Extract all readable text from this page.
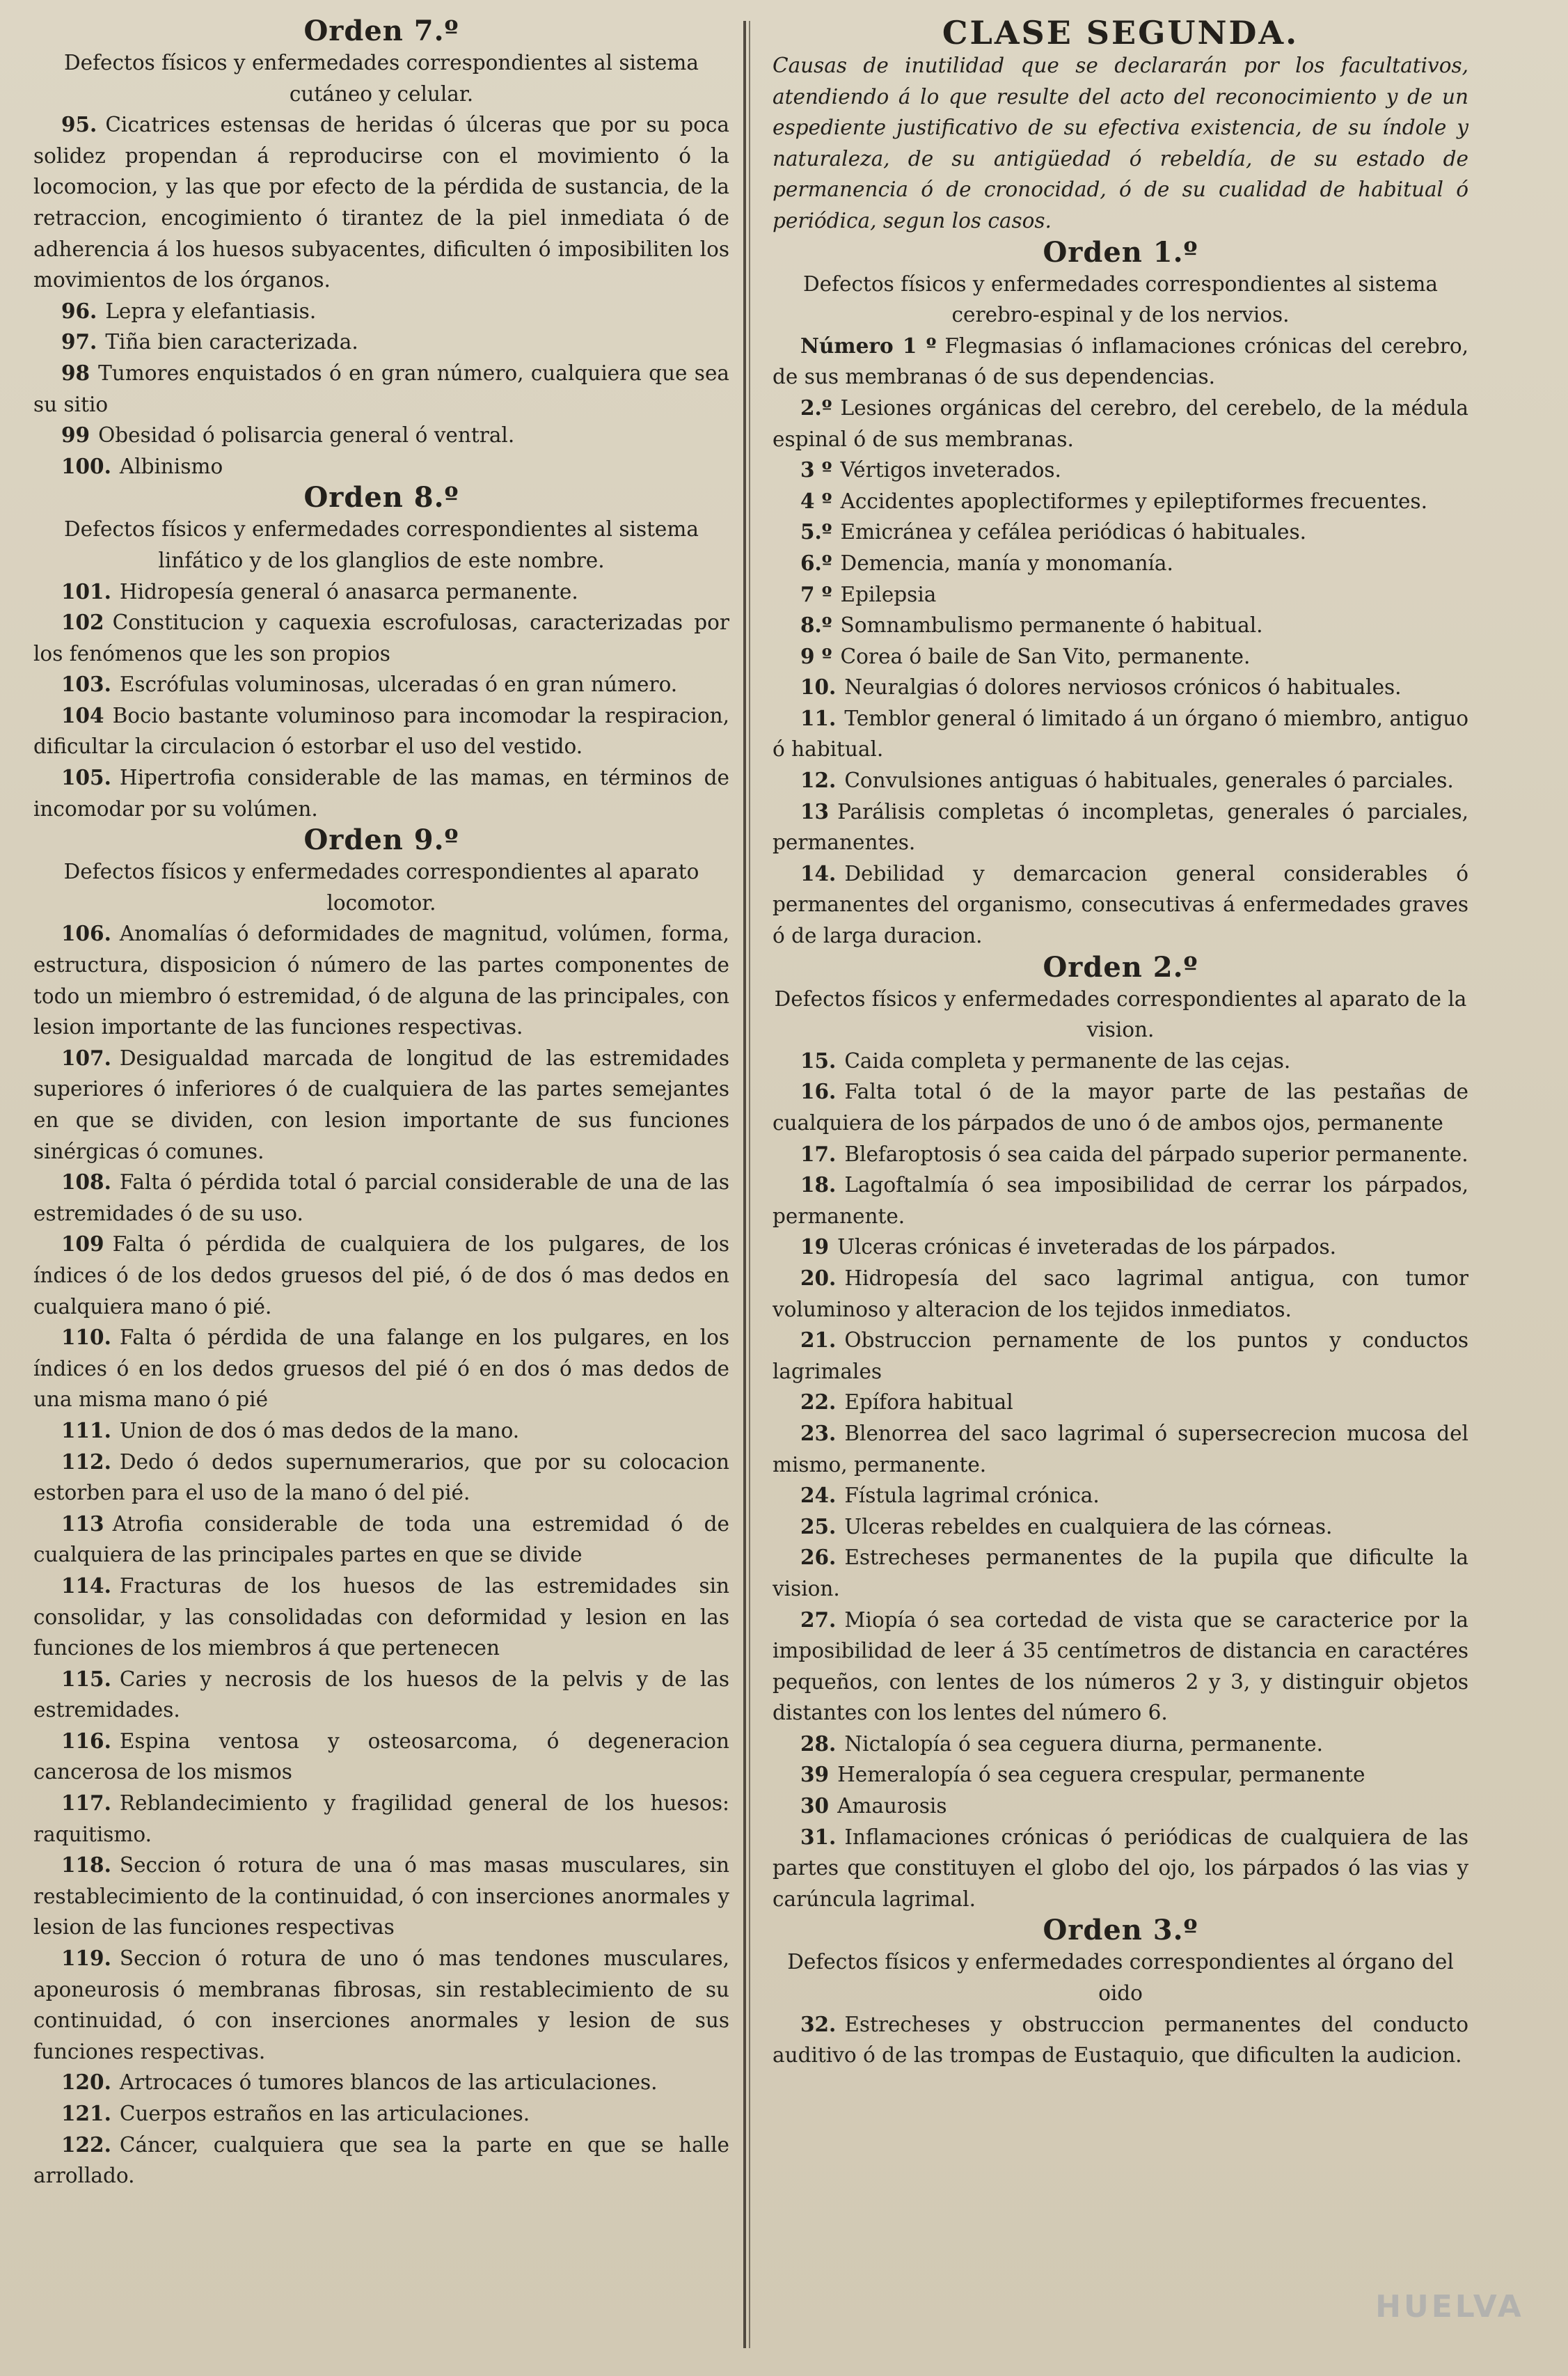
Orden 7.º
Defectos físicos y enfermedades correspondientes al sistema cutáneo y celular.
95. Cicatrices estensas de heridas ó úlceras que por su poca solidez propendan á reproducirse con el movimiento ó la locomocion, y las que por efecto de la pérdida de sustancia, de la retraccion, encogimiento ó tirantez de la piel inmediata ó de adherencia á los huesos subyacentes, dificulten ó imposibiliten los movimientos de los órganos.
96. Lepra y elefantiasis.
97. Tiña bien caracterizada.
98 Tumores enquistados ó en gran número, cualquiera que sea su sitio
99 Obesidad ó polisarcia general ó ventral.
100. Albinismo
Orden 8.º
Defectos físicos y enfermedades correspondientes al sistema linfático y de los glanglios de este nombre.
101. Hidropesía general ó anasarca permanente.
102 Constitucion y caquexia escrofulosas, caracterizadas por los fenómenos que les son propios
103. Escrófulas voluminosas, ulceradas ó en gran número.
104 Bocio bastante voluminoso para incomodar la respiracion, dificultar la circulacion ó estorbar el uso del vestido.
105. Hipertrofia considerable de las mamas, en términos de incomodar por su volúmen.
Orden 9.º
Defectos físicos y enfermedades correspondientes al aparato locomotor.
106. Anomalías ó deformidades de magnitud, volúmen, forma, estructura, disposicion ó número de las partes componentes de todo un miembro ó estremidad, ó de alguna de las principales, con lesion importante de las funciones respectivas.
107. Desigualdad marcada de longitud de las estremidades superiores ó inferiores ó de cualquiera de las partes semejantes en que se dividen, con lesion importante de sus funciones sinérgicas ó comunes.
108. Falta ó pérdida total ó parcial considerable de una de las estremidades ó de su uso.
109 Falta ó pérdida de cualquiera de los pulgares, de los índices ó de los dedos gruesos del pié, ó de dos ó mas dedos en cualquiera mano ó pié.
110. Falta ó pérdida de una falange en los pulgares, en los índices ó en los dedos gruesos del pié ó en dos ó mas dedos de una misma mano ó pié
111. Union de dos ó mas dedos de la mano.
112. Dedo ó dedos supernumerarios, que por su colocacion estorben para el uso de la mano ó del pié.
113 Atrofia considerable de toda una estremidad ó de cualquiera de las principales partes en que se divide
114. Fracturas de los huesos de las estremidades sin consolidar, y las consolidadas con deformidad y lesion en las funciones de los miembros á que pertenecen
115. Caries y necrosis de los huesos de la pelvis y de las estremidades.
116. Espina ventosa y osteosarcoma, ó degeneracion cancerosa de los mismos
117. Reblandecimiento y fragilidad general de los huesos: raquitismo.
118. Seccion ó rotura de una ó mas masas musculares, sin restablecimiento de la continuidad, ó con inserciones anormales y lesion de las funciones respectivas
119. Seccion ó rotura de uno ó mas tendones musculares, aponeurosis ó membranas fibrosas, sin restablecimiento de su continuidad, ó con inserciones anormales y lesion de sus funciones respectivas.
120. Artrocaces ó tumores blancos de las articulaciones.
121. Cuerpos estraños en las articulaciones.
122. Cáncer, cualquiera que sea la parte en que se halle arrollado.
CLASE SEGUNDA.
Causas de inutilidad que se declararán por los facultativos, atendiendo á lo que resulte del acto del reconocimiento y de un espediente justificativo de su efectiva existencia, de su índole y naturaleza, de su antigüedad ó rebeldía, de su estado de permanencia ó de cronocidad, ó de su cualidad de habitual ó periódica, segun los casos.
Orden 1.º
Defectos físicos y enfermedades correspondientes al sistema cerebro-espinal y de los nervios.
Número 1 º Flegmasias ó inflamaciones crónicas del cerebro, de sus membranas ó de sus dependencias.
2.º Lesiones orgánicas del cerebro, del cerebelo, de la médula espinal ó de sus membranas.
3 º Vértigos inveterados.
4 º Accidentes apoplectiformes y epileptiformes frecuentes.
5.º Emicránea y cefálea periódicas ó habituales.
6.º Demencia, manía y monomanía.
7 º Epilepsia
8.º Somnambulismo permanente ó habitual.
9 º Corea ó baile de San Vito, permanente.
10. Neuralgias ó dolores nerviosos crónicos ó habituales.
11. Temblor general ó limitado á un órgano ó miembro, antiguo ó habitual.
12. Convulsiones antiguas ó habituales, generales ó parciales.
13 Parálisis completas ó incompletas, generales ó parciales, permanentes.
14. Debilidad y demarcacion general considerables ó permanentes del organismo, consecutivas á enfermedades graves ó de larga duracion.
Orden 2.º
Defectos físicos y enfermedades correspondientes al aparato de la vision.
15. Caida completa y permanente de las cejas.
16. Falta total ó de la mayor parte de las pestañas de cualquiera de los párpados de uno ó de ambos ojos, permanente
17. Blefaroptosis ó sea caida del párpado superior permanente.
18. Lagoftalmía ó sea imposibilidad de cerrar los párpados, permanente.
19 Ulceras crónicas é inveteradas de los párpados.
20. Hidropesía del saco lagrimal antigua, con tumor voluminoso y alteracion de los tejidos inmediatos.
21. Obstruccion pernamente de los puntos y conductos lagrimales
22. Epífora habitual
23. Blenorrea del saco lagrimal ó supersecrecion mucosa del mismo, permanente.
24. Fístula lagrimal crónica.
25. Ulceras rebeldes en cualquiera de las córneas.
26. Estrecheses permanentes de la pupila que dificulte la vision.
27. Miopía ó sea cortedad de vista que se caracterice por la imposibilidad de leer á 35 centímetros de distancia en caractéres pequeños, con lentes de los números 2 y 3, y distinguir objetos distantes con los lentes del número 6.
28. Nictalopía ó sea ceguera diurna, permanente.
39 Hemeralopía ó sea ceguera crespular, permanente
30 Amaurosis
31. Inflamaciones crónicas ó periódicas de cualquiera de las partes que constituyen el globo del ojo, los párpados ó las vias y carúncula lagrimal.
Orden 3.º
Defectos físicos y enfermedades correspondientes al órgano del oido
32. Estrecheses y obstruccion permanentes del conducto auditivo ó de las trompas de Eustaquio, que dificulten la audicion.
HUELVA
